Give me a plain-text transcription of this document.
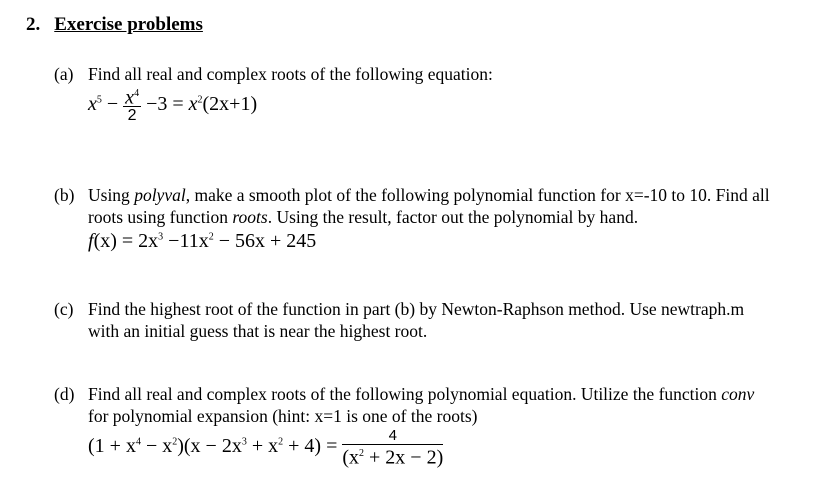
2. Exercise problems
(a) Find all real and complex roots of the following equation:
$x^5 - \frac{x^4}{2} -3 = x^2(2x+1)$
(b) Using polyval, make a smooth plot of the following polynomial function for x=-10 to 10. Find all
roots using function roots. Using the result, factor out the polynomial by hand.
$f(x) = 2x^3 -11x^2 - 56x + 245$
(c) Find the highest root of the function in part (b) by Newton-Raphson method. Use newtraph.m
with an initial guess that is near the highest root.
(d) Find all real and complex roots of the following polynomial equation. Utilize the function conv
for polynomial expansion (hint: x=1 is one of the roots)
$(1 + x^4 - x^2)(x - 2x^3 + x^2 + 4) = \frac{4}{(x^2 + 2x - 2)}$
